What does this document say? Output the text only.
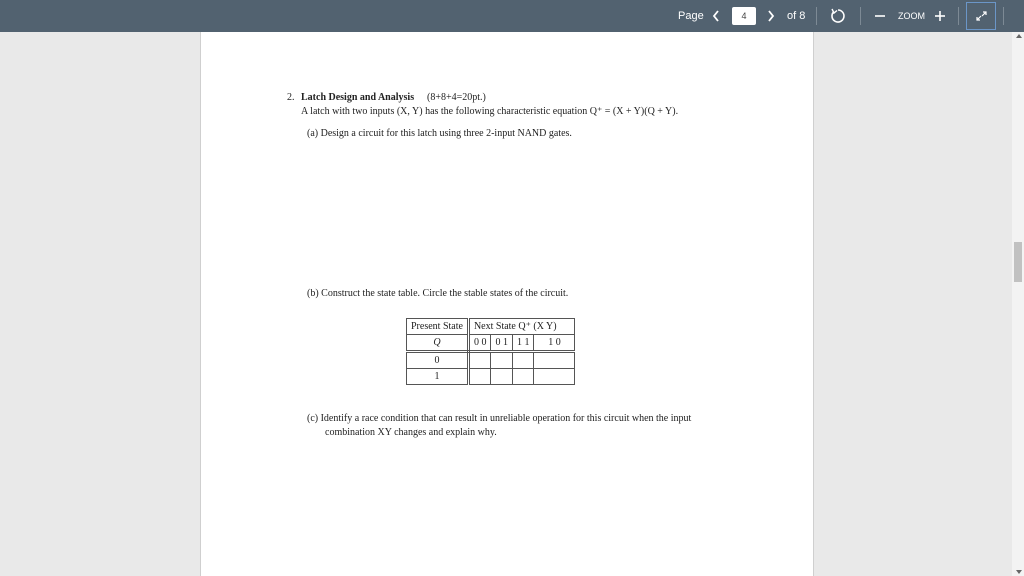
Page	4	of 8	ZOOM
2. Latch Design and Analysis (8+8+4=20pt.)
A latch with two inputs (X, Y) has the following characteristic equation Q⁺ = (X + Y)(Q + Y).
(a) Design a circuit for this latch using three 2-input NAND gates.
(b) Construct the state table. Circle the stable states of the circuit.
Present State	Next State Q⁺ (X Y)			
Q	0 0	0 1	1 1	1 0
0				
1				
(c) Identify a race condition that can result in unreliable operation for this circuit when the input
combination XY changes and explain why.
